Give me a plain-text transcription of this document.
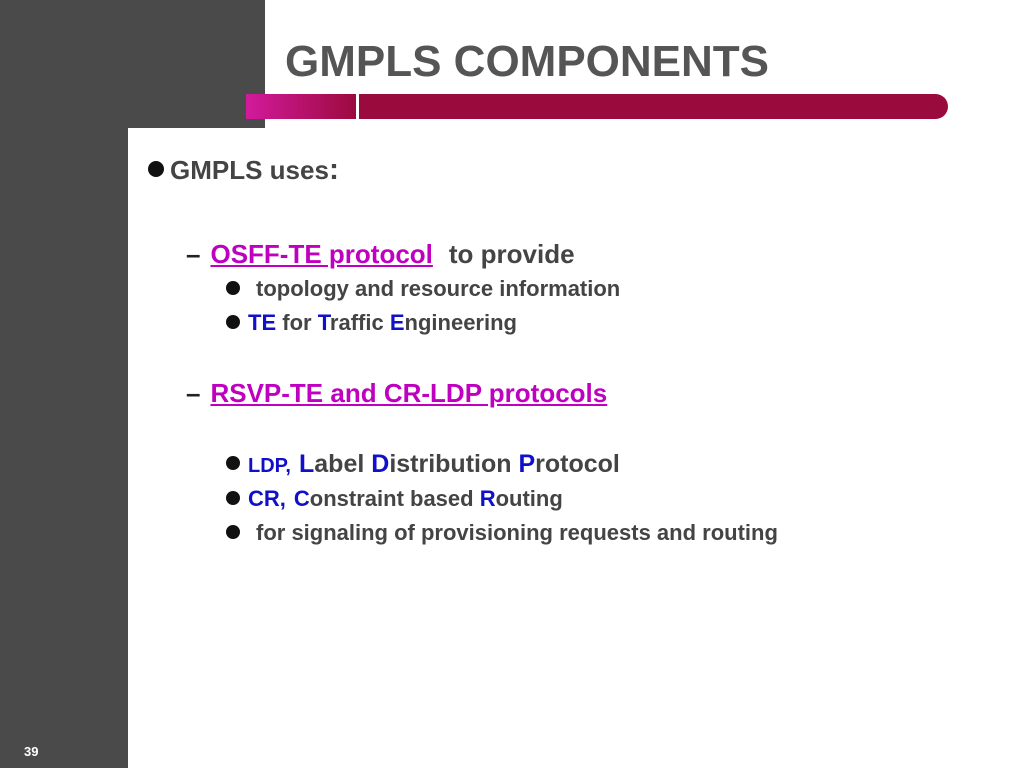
GMPLS COMPONENTS
GMPLS uses:
– OSFF-TE protocol to provide
topology and resource information
TE for Traffic Engineering
– RSVP-TE and CR-LDP protocols
LDP, Label Distribution Protocol
CR, Constraint based Routing
for signaling of provisioning requests and routing
39
